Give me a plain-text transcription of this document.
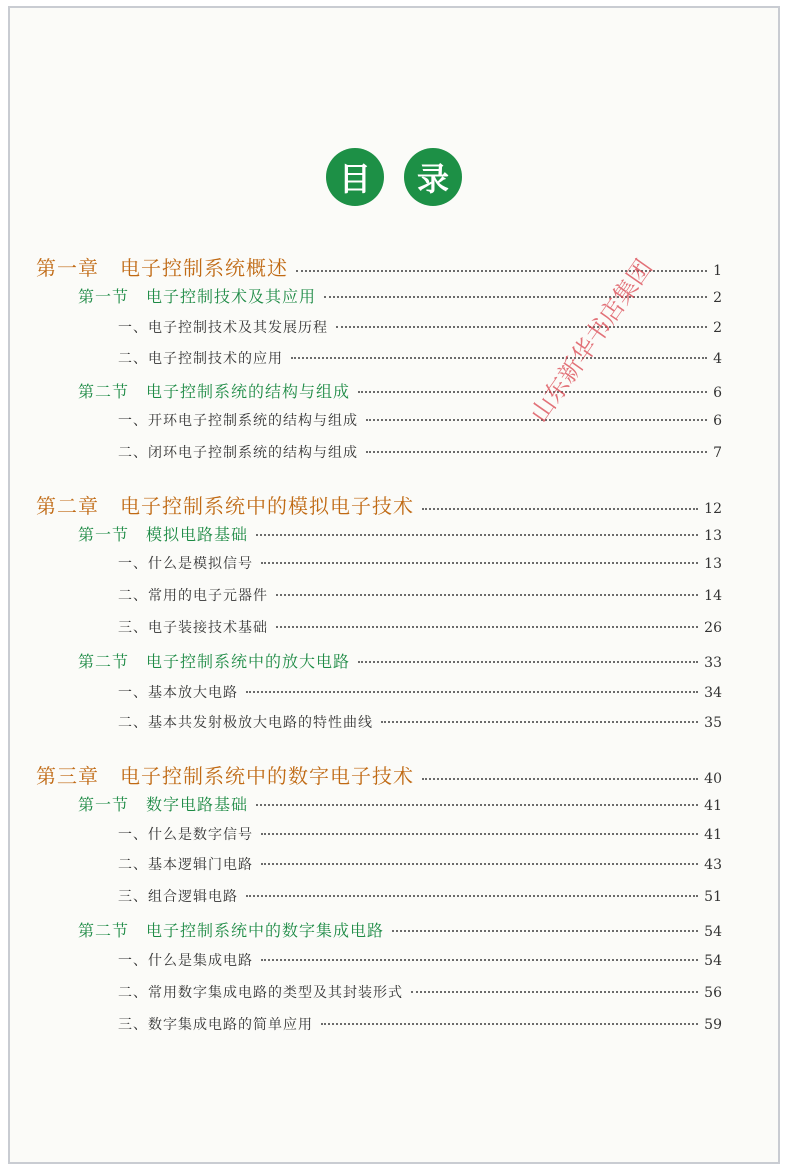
目	录
第一章　电子控制系统概述	1
第一节　电子控制技术及其应用	2
一、电子控制技术及其发展历程	2
二、电子控制技术的应用	4
第二节　电子控制系统的结构与组成	6
一、开环电子控制系统的结构与组成	6
二、闭环电子控制系统的结构与组成	7
第二章　电子控制系统中的模拟电子技术	12
第一节　模拟电路基础	13
一、什么是模拟信号	13
二、常用的电子元器件	14
三、电子装接技术基础	26
第二节　电子控制系统中的放大电路	33
一、基本放大电路	34
二、基本共发射极放大电路的特性曲线	35
第三章　电子控制系统中的数字电子技术	40
第一节　数字电路基础	41
一、什么是数字信号	41
二、基本逻辑门电路	43
三、组合逻辑电路	51
第二节　电子控制系统中的数字集成电路	54
一、什么是集成电路	54
二、常用数字集成电路的类型及其封装形式	56
三、数字集成电路的简单应用	59
山东新华书店集团
